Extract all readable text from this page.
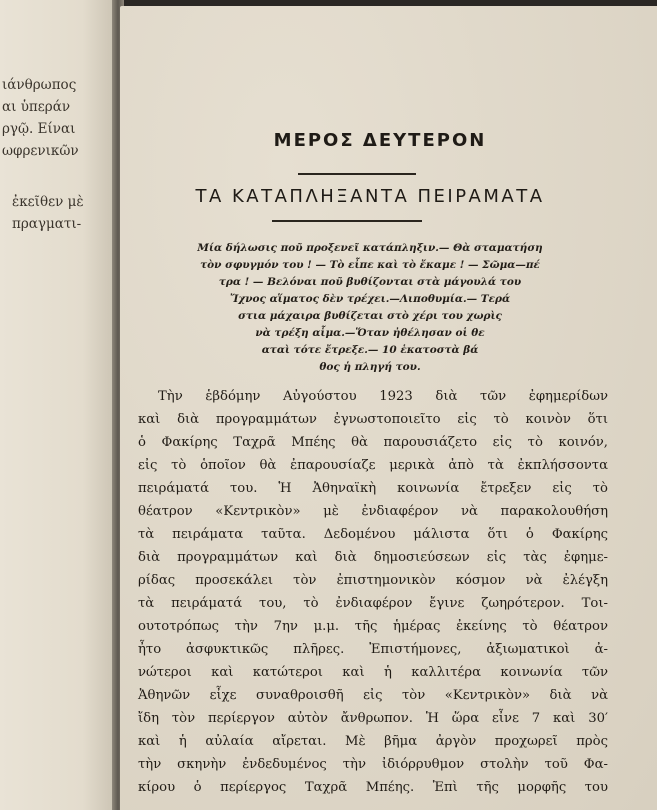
ιάνθρωπος
αι ὑπεράν
ργῷ. Είναι
ωφρενικῶν
ἐκεῖθεν μὲ
πραγματι-
ΜΕΡΟΣ ΔΕΥΤΕΡΟΝ
ΤΑ ΚΑΤΑΠΛΗΞΑΝΤΑ ΠΕΙΡΑΜΑΤΑ
Μία δήλωσις ποῦ προξενεῖ κατάπληξιν.— Θὰ σταματήση
τὸν σφυγμόν του ! — Τὸ εἶπε καὶ τὸ ἔκαμε ! — Σῶμα—πέ
τρα ! — Βελόναι ποῦ βυθίζονται στὰ μάγουλά του
Ἴχνος αἵματος δὲν τρέχει.—Λιποθυμία.— Τερά
στια μάχαιρα βυθίζεται στὸ χέρι του χωρὶς
νὰ τρέξη αἷμα.—Ὅταν ἠθέλησαν οἱ θε
αταὶ τότε ἔτρεξε.— 10 ἑκατοστὰ βά
θος ἡ πληγή του.
Τὴν ἑβδόμην Αὐγούστου 1923 διὰ τῶν ἐφημερίδων
καὶ διὰ προγραμμάτων ἐγνωστοποιεῖτο εἰς τὸ κοινὸν ὅτι
ὁ Φακίρης Ταχρᾶ Μπέης θὰ παρουσιάζετο εἰς τὸ κοινόν,
εἰς τὸ ὁποῖον θὰ ἐπαρουσίαζε μερικὰ ἀπὸ τὰ ἐκπλήσσοντα
πειράματά του. Ἡ Ἀθηναϊκὴ κοινωνία ἔτρεξεν εἰς τὸ
θέατρον «Κεντρικὸν» μὲ ἐνδιαφέρον νὰ παρακολουθήση
τὰ πειράματα ταῦτα. Δεδομένου μάλιστα ὅτι ὁ Φακίρης
διὰ προγραμμάτων καὶ διὰ δημοσιεύσεων εἰς τὰς ἐφημε-
ρίδας προσεκάλει τὸν ἐπιστημονικὸν κόσμον νὰ ἐλέγξη
τὰ πειράματά του, τὸ ἐνδιαφέρον ἔγινε ζωηρότερον. Τοι-
ουτοτρόπως τὴν 7ην μ.μ. τῆς ἡμέρας ἐκείνης τὸ θέατρον
ἦτο ἀσφυκτικῶς πλῆρες. Ἐπιστήμονες, ἀξιωματικοὶ ἀ-
νώτεροι καὶ κατώτεροι καὶ ἡ καλλιτέρα κοινωνία τῶν
Ἀθηνῶν εἶχε συναθροισθῆ εἰς τὸν «Κεντρικὸν» διὰ νὰ
ἴδη τὸν περίεργον αὐτὸν ἄνθρωπον. Ἡ ὥρα εἶνε 7 καὶ 30′
καὶ ἡ αὐλαία αἴρεται. Μὲ βῆμα ἀργὸν προχωρεῖ πρὸς
τὴν σκηνὴν ἐνδεδυμένος τὴν ἰδιόρρυθμον στολὴν τοῦ Φα-
κίρου ὁ περίεργος Ταχρᾶ Μπέης. Ἐπὶ τῆς μορφῆς του
